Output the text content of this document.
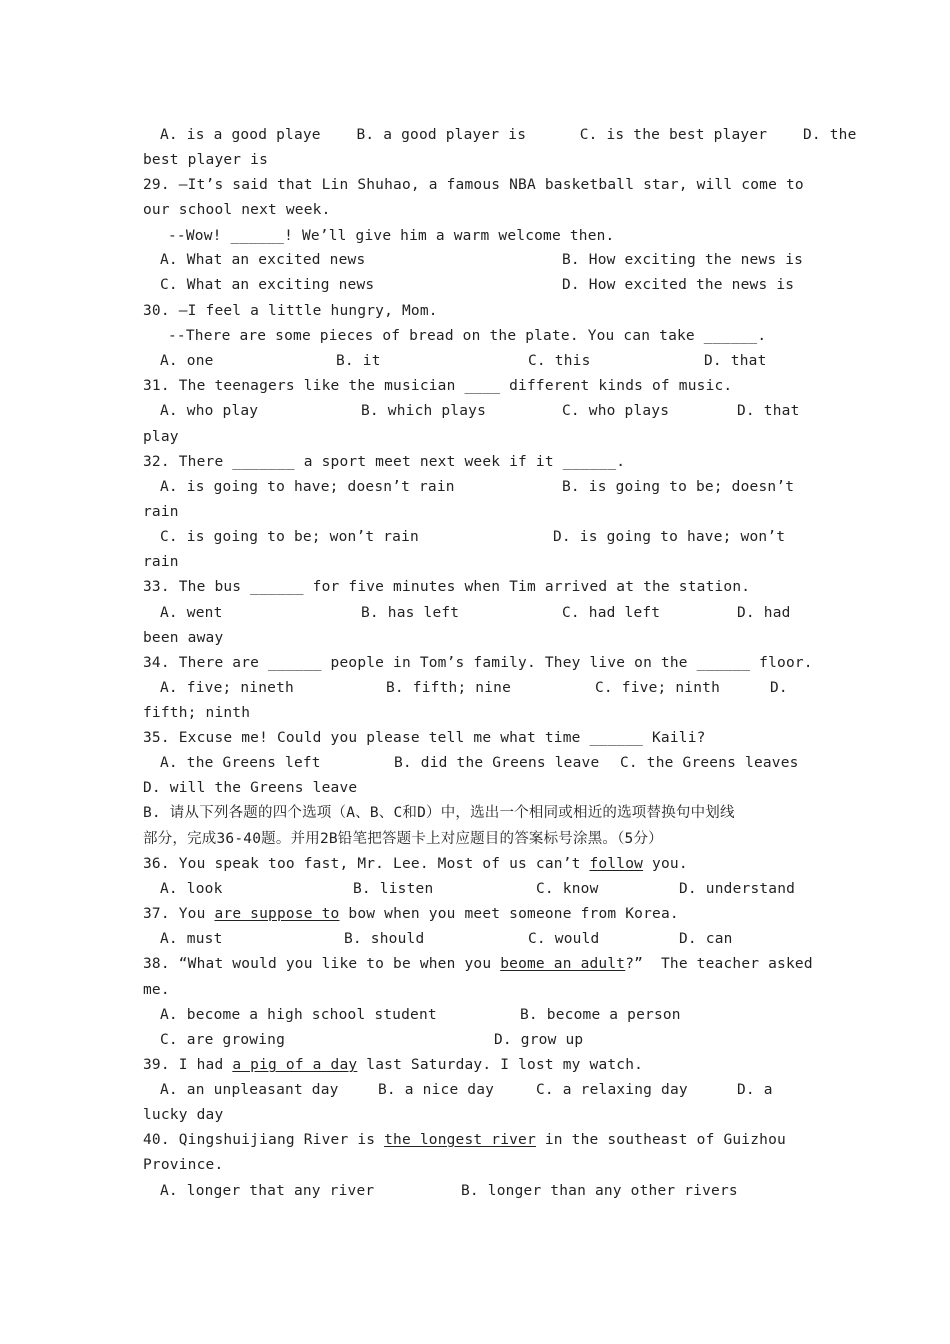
A. is a good playe    B. a good player is      C. is the best player    D. the
best player is
29. –It’s said that Lin Shuhao, a famous NBA basketball star, will come to
our school next week.
--Wow! ______! We’ll give him a warm welcome then.
A. What an excited news	B. How exciting the news is
C. What an exciting news	D. How excited the news is
30. –I feel a little hungry, Mom.
--There are some pieces of bread on the plate. You can take ______.
A. one	B. it	C. this	D. that
31. The teenagers like the musician ____ different kinds of music.
A. who play	B. which plays	C. who plays	D. that
play
32. There _______ a sport meet next week if it ______.
A. is going to have; doesn’t rain	B. is going to be; doesn’t
rain
C. is going to be; won’t rain	D. is going to have; won’t
rain
33. The bus ______ for five minutes when Tim arrived at the station.
A. went	B. has left	C. had left	D. had
been away
34. There are ______ people in Tom’s family. They live on the ______ floor.
A. five; nineth	B. fifth; nine	C. five; ninth	D.
fifth; ninth
35. Excuse me! Could you please tell me what time ______ Kaili?
A. the Greens left	B. did the Greens leave C. the Greens leaves
D. will the Greens leave
B. 请从下列各题的四个选项（A、B、C和D）中，选出一个相同或相近的选项替换句中划线
部分，完成36-40题。并用2B铅笔把答题卡上对应题目的答案标号涂黑。（5分）
36. You speak too fast, Mr. Lee. Most of us can’t follow you.
A. look	B. listen	C. know	D. understand
37. You are suppose to bow when you meet someone from Korea.
A. must	B. should	C. would	D. can
38. “What would you like to be when you beome an adult?”  The teacher asked
me.
A. become a high school student	B. become a person
C. are growing	D. grow up
39. I had a pig of a day last Saturday. I lost my watch.
A. an unpleasant day	B. a nice day	C. a relaxing day	D. a
lucky day
40. Qingshuijiang River is the longest river in the southeast of Guizhou
Province.
A. longer that any river	B. longer than any other rivers
